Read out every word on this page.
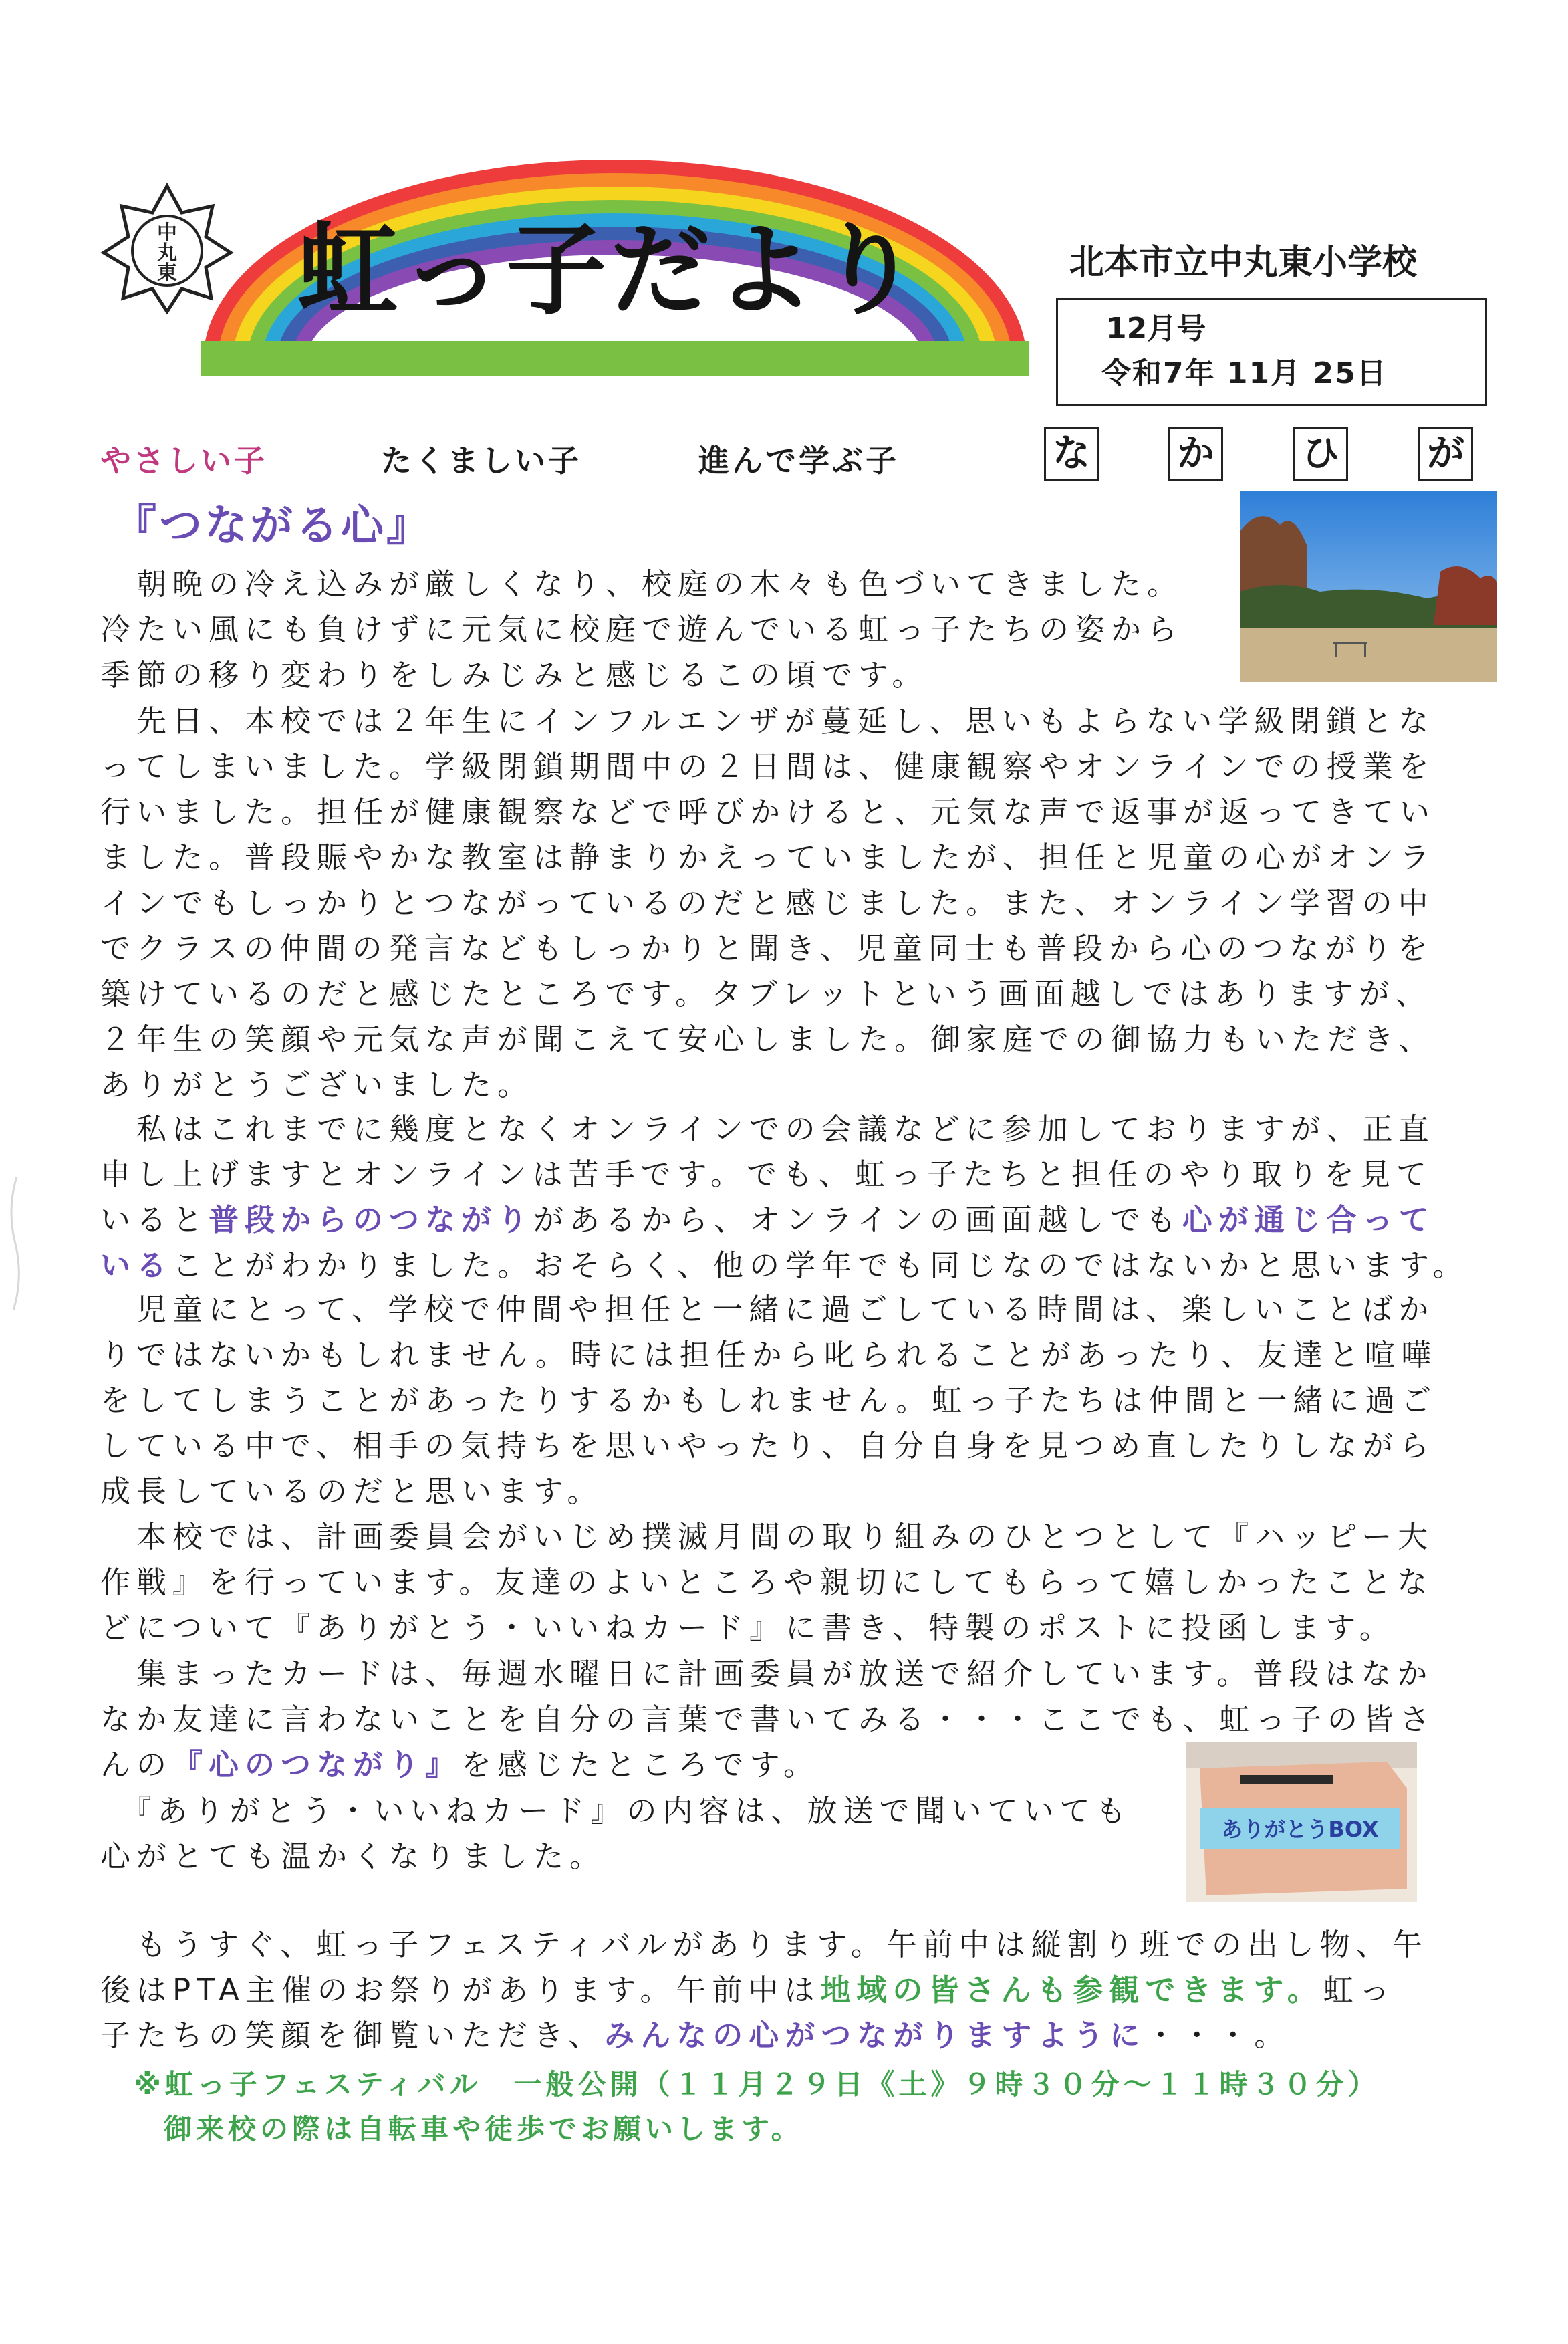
中
丸
東 虹っ子だより	北本市立中丸東小学校
12月号
令和7年 11月 25日
やさしい子	たくましい子	進んで学ぶ子	な か ひ が
『つながる心』

　朝晩の冷え込みが厳しくなり、校庭の木々も色づいてきました。
冷たい風にも負けずに元気に校庭で遊んでいる虹っ子たちの姿から
季節の移り変わりをしみじみと感じるこの頃です。

　先日、本校では２年生にインフルエンザが蔓延し、思いもよらない学級閉鎖とな
ってしまいました。学級閉鎖期間中の２日間は、健康観察やオンラインでの授業を
行いました。担任が健康観察などで呼びかけると、元気な声で返事が返ってきてい
ました。普段賑やかな教室は静まりかえっていましたが、担任と児童の心がオンラ
インでもしっかりとつながっているのだと感じました。また、オンライン学習の中
でクラスの仲間の発言などもしっかりと聞き、児童同士も普段から心のつながりを
築けているのだと感じたところです。タブレットという画面越しではありますが、
２年生の笑顔や元気な声が聞こえて安心しました。御家庭での御協力もいただき、
ありがとうございました。

　私はこれまでに幾度となくオンラインでの会議などに参加しておりますが、正直
申し上げますとオンラインは苦手です。でも、虹っ子たちと担任のやり取りを見て
いると普段からのつながりがあるから、オンラインの画面越しでも心が通じ合って
いることがわかりました。おそらく、他の学年でも同じなのではないかと思います。

　児童にとって、学校で仲間や担任と一緒に過ごしている時間は、楽しいことばか
りではないかもしれません。時には担任から叱られることがあったり、友達と喧嘩
をしてしまうことがあったりするかもしれません。虹っ子たちは仲間と一緒に過ご
している中で、相手の気持ちを思いやったり、自分自身を見つめ直したりしながら
成長しているのだと思います。

　本校では、計画委員会がいじめ撲滅月間の取り組みのひとつとして『ハッピー大
作戦』を行っています。友達のよいところや親切にしてもらって嬉しかったことな
どについて『ありがとう・いいねカード』に書き、特製のポストに投函します。

　集まったカードは、毎週水曜日に計画委員が放送で紹介しています。普段はなか
なか友達に言わないことを自分の言葉で書いてみる・・・ここでも、虹っ子の皆さ
んの『心のつながり』を感じたところです。

　『ありがとう・いいねカード』の内容は、放送で聞いていても
心がとても温かくなりました。

ありがとうBOX

　もうすぐ、虹っ子フェスティバルがあります。午前中は縦割り班での出し物、午
後はPTA主催のお祭りがあります。午前中は地域の皆さんも参観できます。虹っ
子たちの笑顔を御覧いただき、みんなの心がつながりますように・・・。

※虹っ子フェスティバル　一般公開（１１月２９日《土》９時３０分～１１時３０分）
御来校の際は自転車や徒歩でお願いします。
